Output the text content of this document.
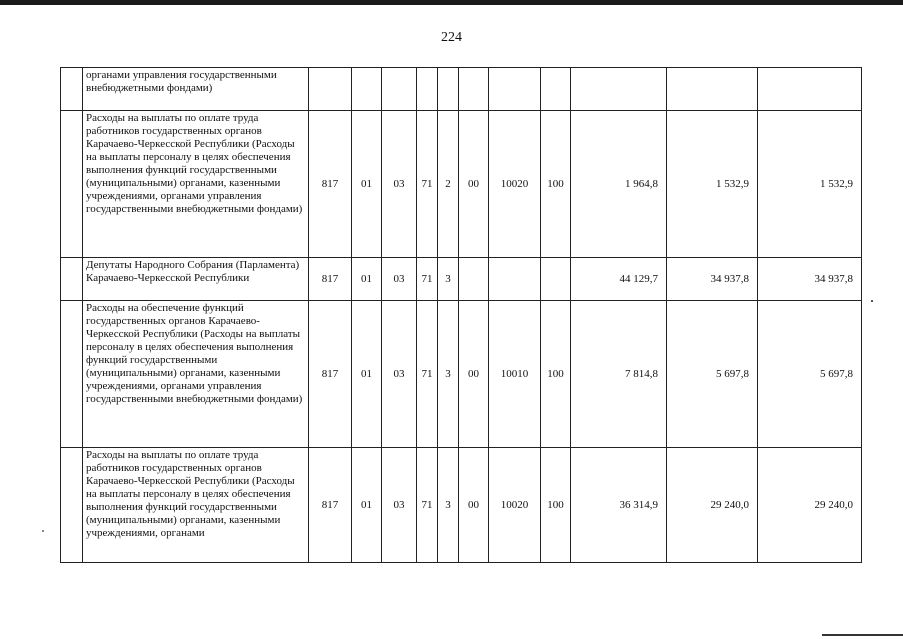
224
	органами управления государственными внебюджетными фондами)											
	Расходы на выплаты по оплате труда работников государственных органов Карачаево-Черкесской Республики (Расходы на выплаты персоналу в целях обеспечения выполнения функций государственными (муниципальными) органами, казенными учреждениями, органами управления государственными внебюджетными фондами)	817	01	03	71	2	00	10020	100	1 964,8	1 532,9	1 532,9
	Депутаты Народного Собрания (Парламента) Карачаево-Черкесской Республики	817	01	03	71	3				44 129,7	34 937,8	34 937,8
	Расходы на обеспечение функций государственных органов Карачаево-Черкесской Республики (Расходы на выплаты персоналу в целях обеспечения выполнения функций государственными (муниципальными) органами, казенными учреждениями, органами управления государственными внебюджетными фондами)	817	01	03	71	3	00	10010	100	7 814,8	5 697,8	5 697,8
	Расходы на выплаты по оплате труда работников государственных органов Карачаево-Черкесской Республики (Расходы на выплаты персоналу в целях обеспечения выполнения функций государственными (муниципальными) органами, казенными учреждениями, органами	817	01	03	71	3	00	10020	100	36 314,9	29 240,0	29 240,0
